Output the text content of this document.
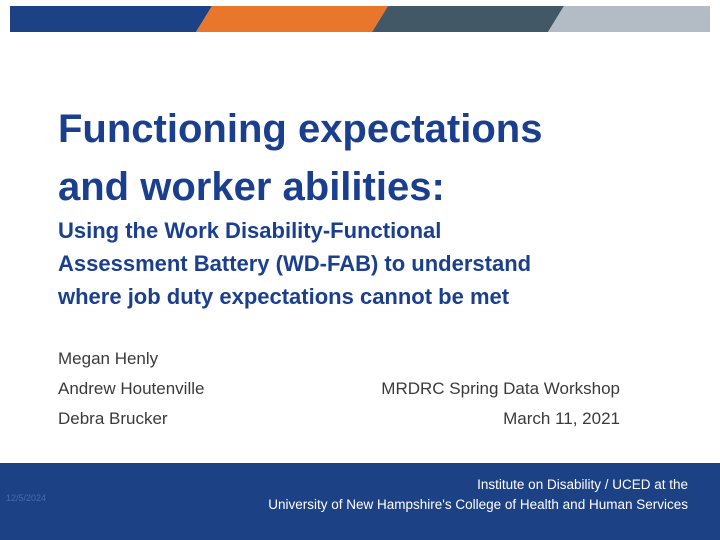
Functioning expectations
and worker abilities:
Using the Work Disability-Functional
Assessment Battery (WD-FAB) to understand
where job duty expectations cannot be met
Megan Henly
Andrew Houtenville
Debra Brucker
MRDRC Spring Data Workshop
March 11, 2021
12/5/2024
Institute on Disability / UCED at the
University of New Hampshire's College of Health and Human Services
